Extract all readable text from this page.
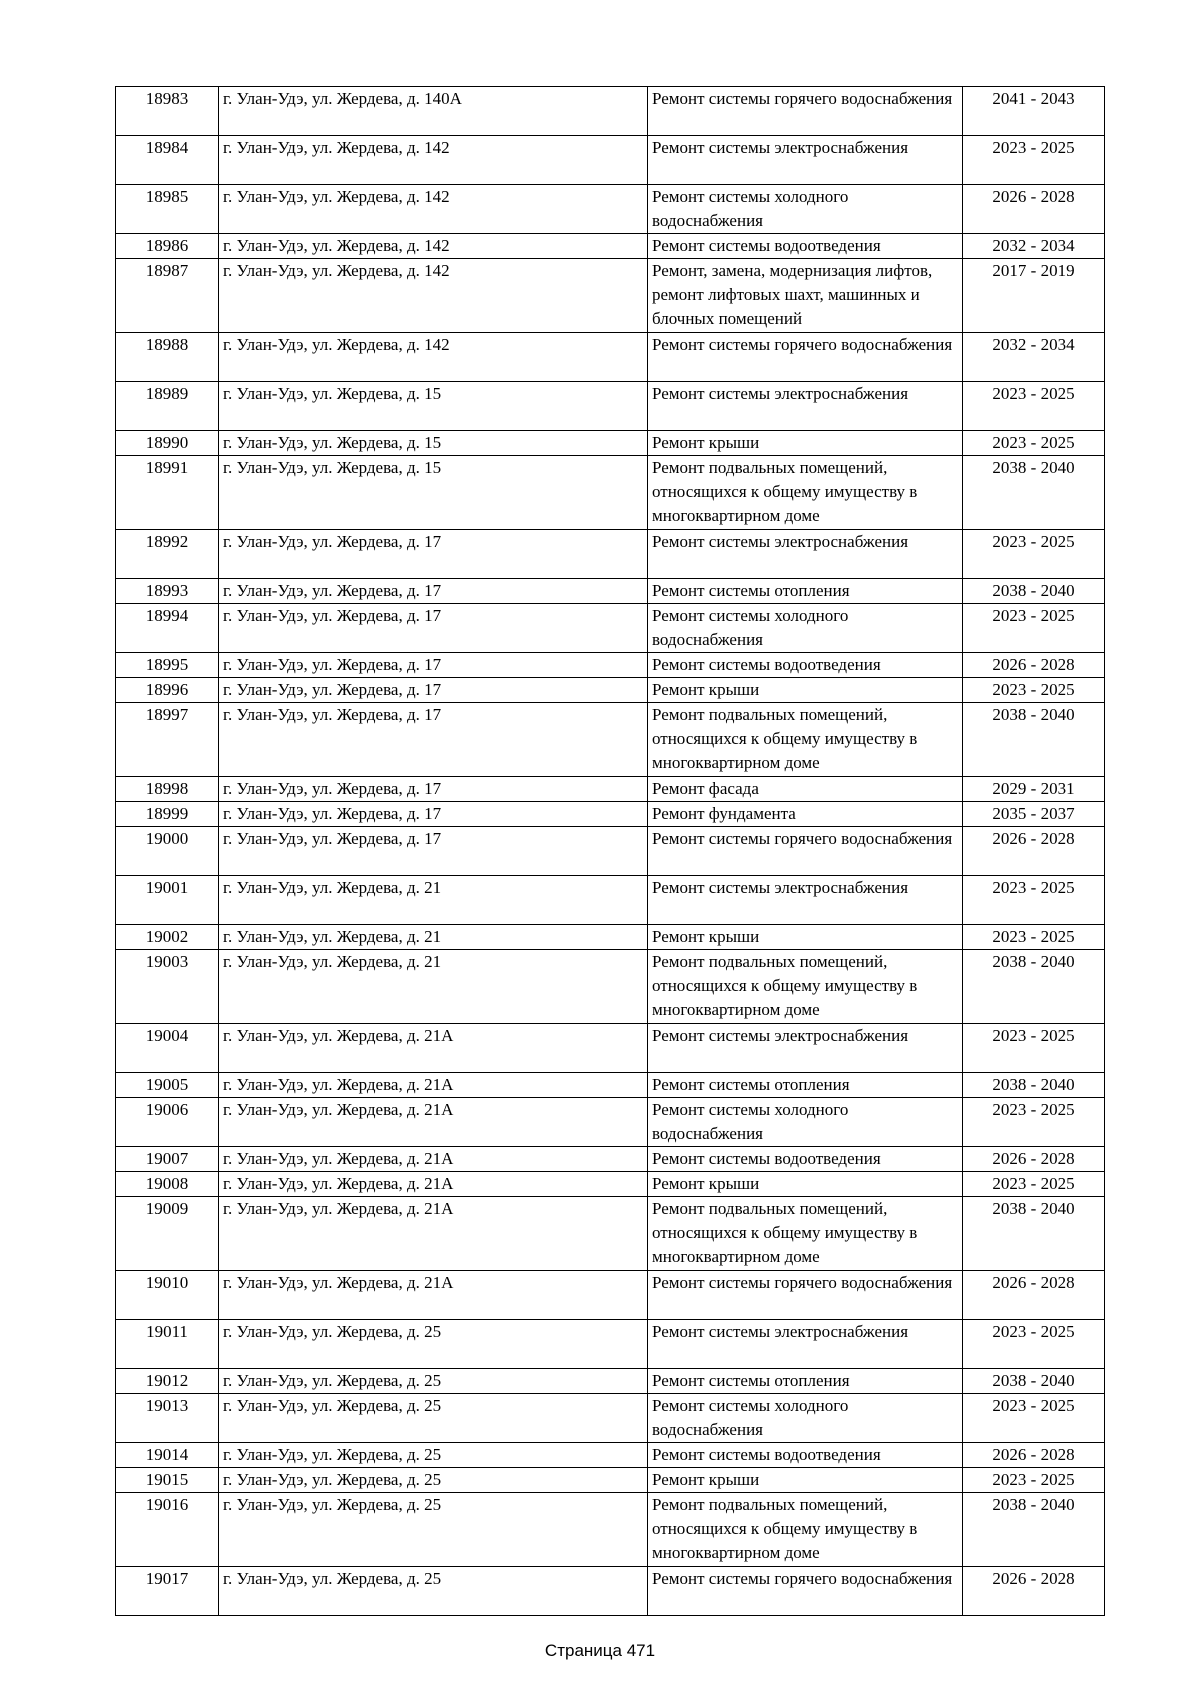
18983	г. Улан-Удэ, ул. Жердева, д. 140А	Ремонт системы горячего водоснабжения	2041 - 2043
18984	г. Улан-Удэ, ул. Жердева, д. 142	Ремонт системы электроснабжения	2023 - 2025
18985	г. Улан-Удэ, ул. Жердева, д. 142	Ремонт системы холодного водоснабжения	2026 - 2028
18986	г. Улан-Удэ, ул. Жердева, д. 142	Ремонт системы водоотведения	2032 - 2034
18987	г. Улан-Удэ, ул. Жердева, д. 142	Ремонт, замена, модернизация лифтов, ремонт лифтовых шахт, машинных и блочных помещений	2017 - 2019
18988	г. Улан-Удэ, ул. Жердева, д. 142	Ремонт системы горячего водоснабжения	2032 - 2034
18989	г. Улан-Удэ, ул. Жердева, д. 15	Ремонт системы электроснабжения	2023 - 2025
18990	г. Улан-Удэ, ул. Жердева, д. 15	Ремонт крыши	2023 - 2025
18991	г. Улан-Удэ, ул. Жердева, д. 15	Ремонт подвальных помещений, относящихся к общему имуществу в многоквартирном доме	2038 - 2040
18992	г. Улан-Удэ, ул. Жердева, д. 17	Ремонт системы электроснабжения	2023 - 2025
18993	г. Улан-Удэ, ул. Жердева, д. 17	Ремонт системы отопления	2038 - 2040
18994	г. Улан-Удэ, ул. Жердева, д. 17	Ремонт системы холодного водоснабжения	2023 - 2025
18995	г. Улан-Удэ, ул. Жердева, д. 17	Ремонт системы водоотведения	2026 - 2028
18996	г. Улан-Удэ, ул. Жердева, д. 17	Ремонт крыши	2023 - 2025
18997	г. Улан-Удэ, ул. Жердева, д. 17	Ремонт подвальных помещений, относящихся к общему имуществу в многоквартирном доме	2038 - 2040
18998	г. Улан-Удэ, ул. Жердева, д. 17	Ремонт фасада	2029 - 2031
18999	г. Улан-Удэ, ул. Жердева, д. 17	Ремонт фундамента	2035 - 2037
19000	г. Улан-Удэ, ул. Жердева, д. 17	Ремонт системы горячего водоснабжения	2026 - 2028
19001	г. Улан-Удэ, ул. Жердева, д. 21	Ремонт системы электроснабжения	2023 - 2025
19002	г. Улан-Удэ, ул. Жердева, д. 21	Ремонт крыши	2023 - 2025
19003	г. Улан-Удэ, ул. Жердева, д. 21	Ремонт подвальных помещений, относящихся к общему имуществу в многоквартирном доме	2038 - 2040
19004	г. Улан-Удэ, ул. Жердева, д. 21А	Ремонт системы электроснабжения	2023 - 2025
19005	г. Улан-Удэ, ул. Жердева, д. 21А	Ремонт системы отопления	2038 - 2040
19006	г. Улан-Удэ, ул. Жердева, д. 21А	Ремонт системы холодного водоснабжения	2023 - 2025
19007	г. Улан-Удэ, ул. Жердева, д. 21А	Ремонт системы водоотведения	2026 - 2028
19008	г. Улан-Удэ, ул. Жердева, д. 21А	Ремонт крыши	2023 - 2025
19009	г. Улан-Удэ, ул. Жердева, д. 21А	Ремонт подвальных помещений, относящихся к общему имуществу в многоквартирном доме	2038 - 2040
19010	г. Улан-Удэ, ул. Жердева, д. 21А	Ремонт системы горячего водоснабжения	2026 - 2028
19011	г. Улан-Удэ, ул. Жердева, д. 25	Ремонт системы электроснабжения	2023 - 2025
19012	г. Улан-Удэ, ул. Жердева, д. 25	Ремонт системы отопления	2038 - 2040
19013	г. Улан-Удэ, ул. Жердева, д. 25	Ремонт системы холодного водоснабжения	2023 - 2025
19014	г. Улан-Удэ, ул. Жердева, д. 25	Ремонт системы водоотведения	2026 - 2028
19015	г. Улан-Удэ, ул. Жердева, д. 25	Ремонт крыши	2023 - 2025
19016	г. Улан-Удэ, ул. Жердева, д. 25	Ремонт подвальных помещений, относящихся к общему имуществу в многоквартирном доме	2038 - 2040
19017	г. Улан-Удэ, ул. Жердева, д. 25	Ремонт системы горячего водоснабжения	2026 - 2028
Страница 471
